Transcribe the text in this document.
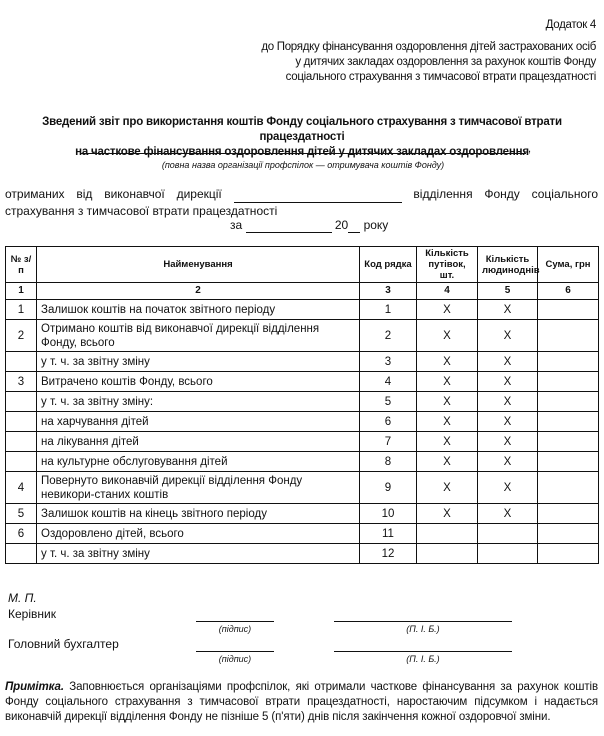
Додаток 4
до Порядку фінансування оздоровлення дітей застрахованих осіб
у дитячих закладах оздоровлення за рахунок коштів Фонду
соціального страхування з тимчасової втрати працездатності
Зведений звіт про використання коштів Фонду соціального страхування з тимчасової втрати працездатності
на часткове фінансування оздоровлення дітей у дитячих закладах оздоровлення ,
(повна назва організації профспілок — отримувача коштів Фонду)
отриманих від виконавчої дирекції	відділення Фонду соціального страхування з тимчасової втрати працездатності
за	20 року
№ з/п	Найменування	Код рядка	Кількість путівок, шт.	Кількість людиноднів	Сума, грн
1	2	3	4	5	6
1	Залишок коштів на початок звітного періоду	1	X	X	
2	Отримано коштів від виконавчої дирекції відділення Фонду, всього	2	X	X	
	у т. ч. за звітну зміну	3	X	X	
3	Витрачено коштів Фонду, всього	4	X	X	
	у т. ч. за звітну зміну:	5	X	X	
	на харчування дітей	6	X	X	
	на лікування дітей	7	X	X	
	на культурне обслуговування дітей	8	X	X	
4	Повернуто виконавчій дирекції відділення Фонду невикори-станих коштів	9	X	X	
5	Залишок коштів на кінець звітного періоду	10	X	X	
6	Оздоровлено дітей, всього	11			
	у т. ч. за звітну зміну	12			
М. П.
Керівник
(підпис)	(П. І. Б.)
Головний бухгалтер
(підпис)	(П. І. Б.)
Примітка. Заповнюється організаціями профспілок, які отримали часткове фінансування за рахунок коштів Фонду соціального страхування з тимчасової втрати працездатності, наростаючим підсумком і надається виконавчій дирекції відділення Фонду не пізніше 5 (п'яти) днів після закінчення кожної оздоровчої зміни.
